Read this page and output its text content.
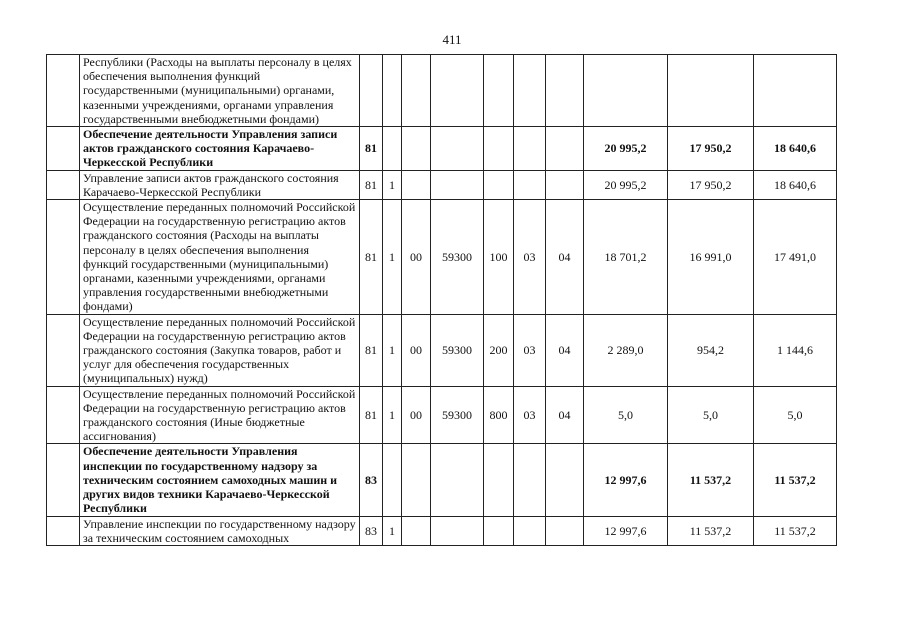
411
	Республики (Расходы на выплаты персоналу в целях обеспечения выполнения функций государственными (муниципальными) органами, казенными учреждениями, органами управления государственными внебюджетными фондами)										
	Обеспечение деятельности Управления записи актов гражданского состояния Карачаево-Черкесской Республики	81							20 995,2	17 950,2	18 640,6
	Управление записи актов гражданского состояния Карачаево-Черкесской Республики	81	1						20 995,2	17 950,2	18 640,6
	Осуществление переданных полномочий Российской Федерации на государственную регистрацию актов гражданского состояния (Расходы на выплаты персоналу в целях обеспечения выполнения функций государственными (муниципальными) органами, казенными учреждениями, органами управления государственными внебюджетными фондами)	81	1	00	59300	100	03	04	18 701,2	16 991,0	17 491,0
	Осуществление переданных полномочий Российской Федерации на государственную регистрацию актов гражданского состояния (Закупка товаров, работ и услуг для обеспечения государственных (муниципальных) нужд)	81	1	00	59300	200	03	04	2 289,0	954,2	1 144,6
	Осуществление переданных полномочий Российской Федерации на государственную регистрацию актов гражданского состояния (Иные бюджетные ассигнования)	81	1	00	59300	800	03	04	5,0	5,0	5,0
	Обеспечение деятельности Управления инспекции по государственному надзору за техническим состоянием самоходных машин и других видов техники Карачаево-Черкесской Республики	83							12 997,6	11 537,2	11 537,2
	Управление инспекции по государственному надзору за техническим состоянием самоходных	83	1						12 997,6	11 537,2	11 537,2
